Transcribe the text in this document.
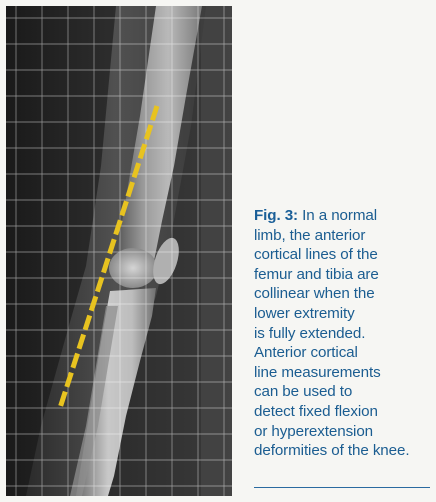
Fig. 3: In a normal
limb, the anterior
cortical lines of the
femur and tibia are
collinear when the
lower extremity
is fully extended.
Anterior cortical
line measurements
can be used to
detect fixed flexion
or hyperextension
deformities of the knee.
